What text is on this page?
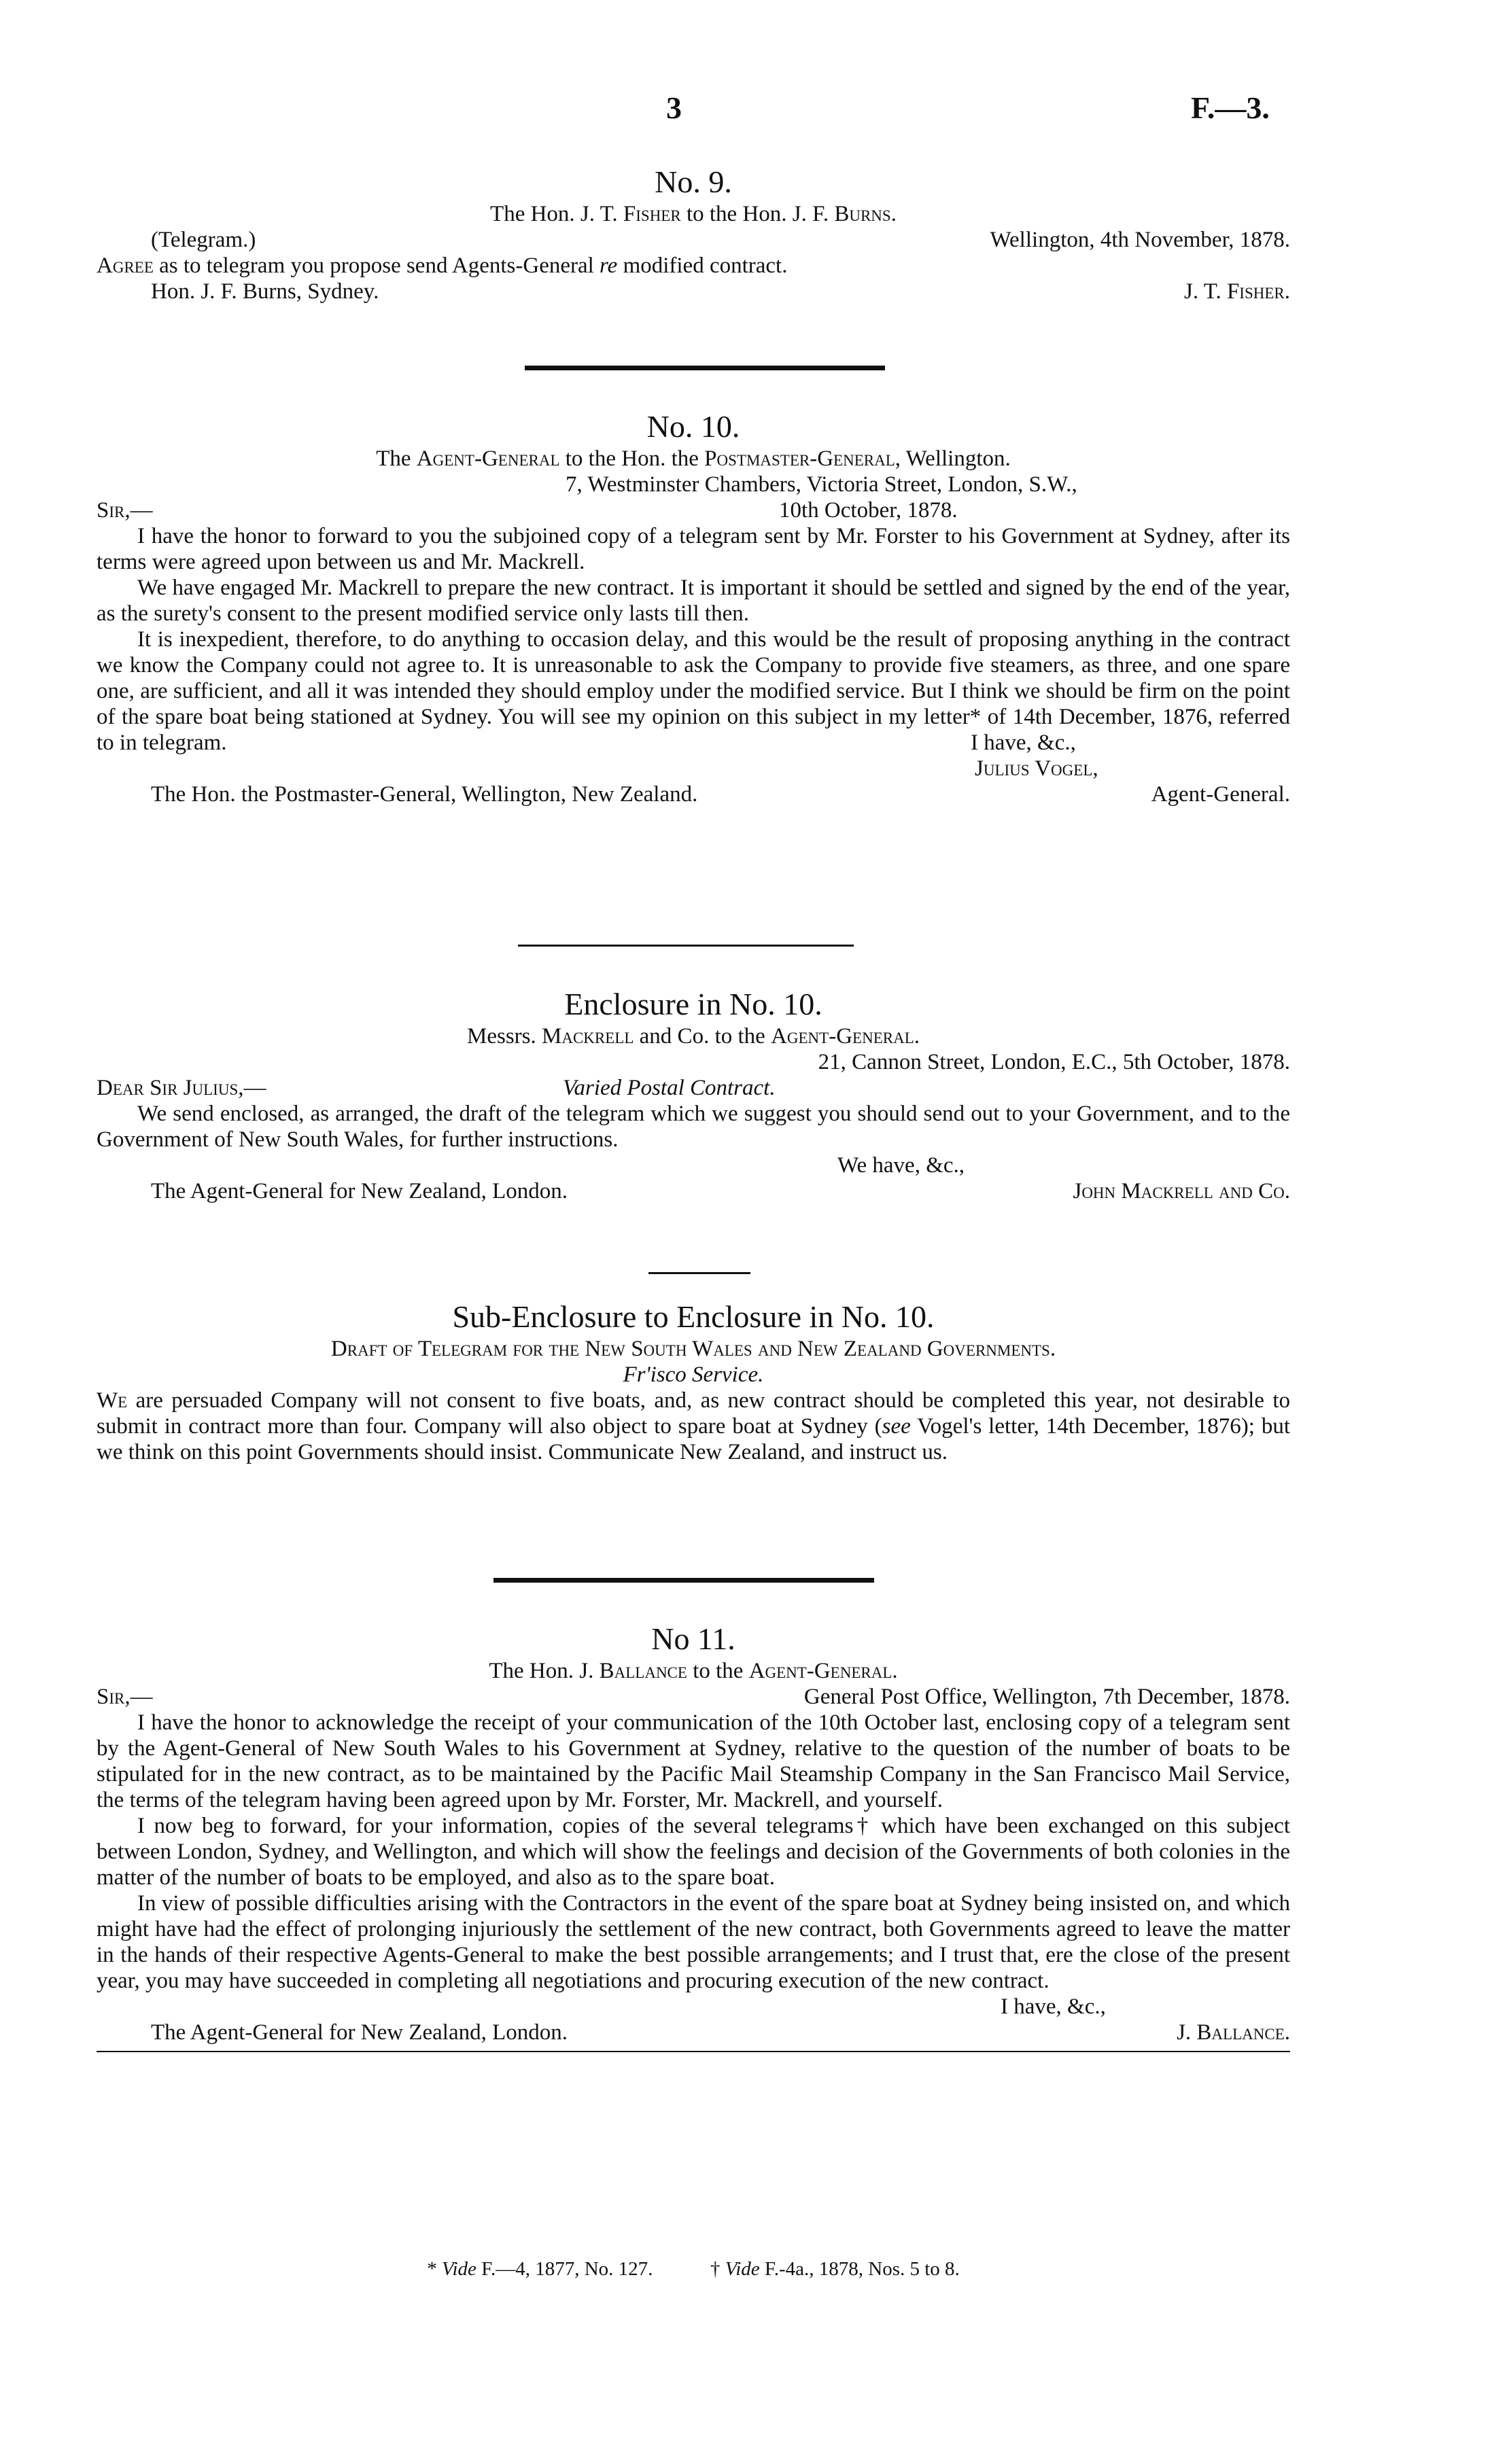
3	F.—3.

No. 9.

The Hon. J. T. Fisher to the Hon. J. F. Burns.

(Telegram.)	Wellington, 4th November, 1878.

Agree as to telegram you propose send Agents-General re modified contract.

Hon. J. F. Burns, Sydney.	J. T. Fisher.

No. 10.

The Agent-General to the Hon. the Postmaster-General, Wellington.

7, Westminster Chambers, Victoria Street, London, S.W.,

Sir,—	10th October, 1878.

I have the honor to forward to you the subjoined copy of a telegram sent by Mr. Forster to his Government at Sydney, after its terms were agreed upon between us and Mr. Mackrell.

We have engaged Mr. Mackrell to prepare the new contract. It is important it should be settled and signed by the end of the year, as the surety's consent to the present modified service only lasts till then.

It is inexpedient, therefore, to do anything to occasion delay, and this would be the result of proposing anything in the contract we know the Company could not agree to. It is unreasonable to ask the Company to provide five steamers, as three, and one spare one, are sufficient, and all it was intended they should employ under the modified service. But I think we should be firm on the point of the spare boat being stationed at Sydney. You will see my opinion on this subject in my letter* of 14th December, 1876, referred to in telegram.	I have, &c.,

Julius Vogel,

The Hon. the Postmaster-General, Wellington, New Zealand.	Agent-General.

Enclosure in No. 10.

Messrs. Mackrell and Co. to the Agent-General.

21, Cannon Street, London, E.C., 5th October, 1878.

Dear Sir Julius,—	Varied Postal Contract.

We send enclosed, as arranged, the draft of the telegram which we suggest you should send out to your Government, and to the Government of New South Wales, for further instructions.

We have, &c.,

The Agent-General for New Zealand, London.	John Mackrell and Co.

Sub-Enclosure to Enclosure in No. 10.

Draft of Telegram for the New South Wales and New Zealand Governments.

Fr'isco Service.

We are persuaded Company will not consent to five boats, and, as new contract should be completed this year, not desirable to submit in contract more than four. Company will also object to spare boat at Sydney (see Vogel's letter, 14th December, 1876); but we think on this point Governments should insist. Communicate New Zealand, and instruct us.

No 11.

The Hon. J. Ballance to the Agent-General.

Sir,—	General Post Office, Wellington, 7th December, 1878.

I have the honor to acknowledge the receipt of your communication of the 10th October last, enclosing copy of a telegram sent by the Agent-General of New South Wales to his Government at Sydney, relative to the question of the number of boats to be stipulated for in the new contract, as to be maintained by the Pacific Mail Steamship Company in the San Francisco Mail Service, the terms of the telegram having been agreed upon by Mr. Forster, Mr. Mackrell, and yourself.

I now beg to forward, for your information, copies of the several telegrams† which have been exchanged on this subject between London, Sydney, and Wellington, and which will show the feelings and decision of the Governments of both colonies in the matter of the number of boats to be employed, and also as to the spare boat.

In view of possible difficulties arising with the Contractors in the event of the spare boat at Sydney being insisted on, and which might have had the effect of prolonging injuriously the settlement of the new contract, both Governments agreed to leave the matter in the hands of their respective Agents-General to make the best possible arrangements; and I trust that, ere the close of the present year, you may have succeeded in completing all negotiations and procuring execution of the new contract.

I have, &c.,

The Agent-General for New Zealand, London.	J. Ballance.
* Vide F.—4, 1877, No. 127.	† Vide F.-4a., 1878, Nos. 5 to 8.
